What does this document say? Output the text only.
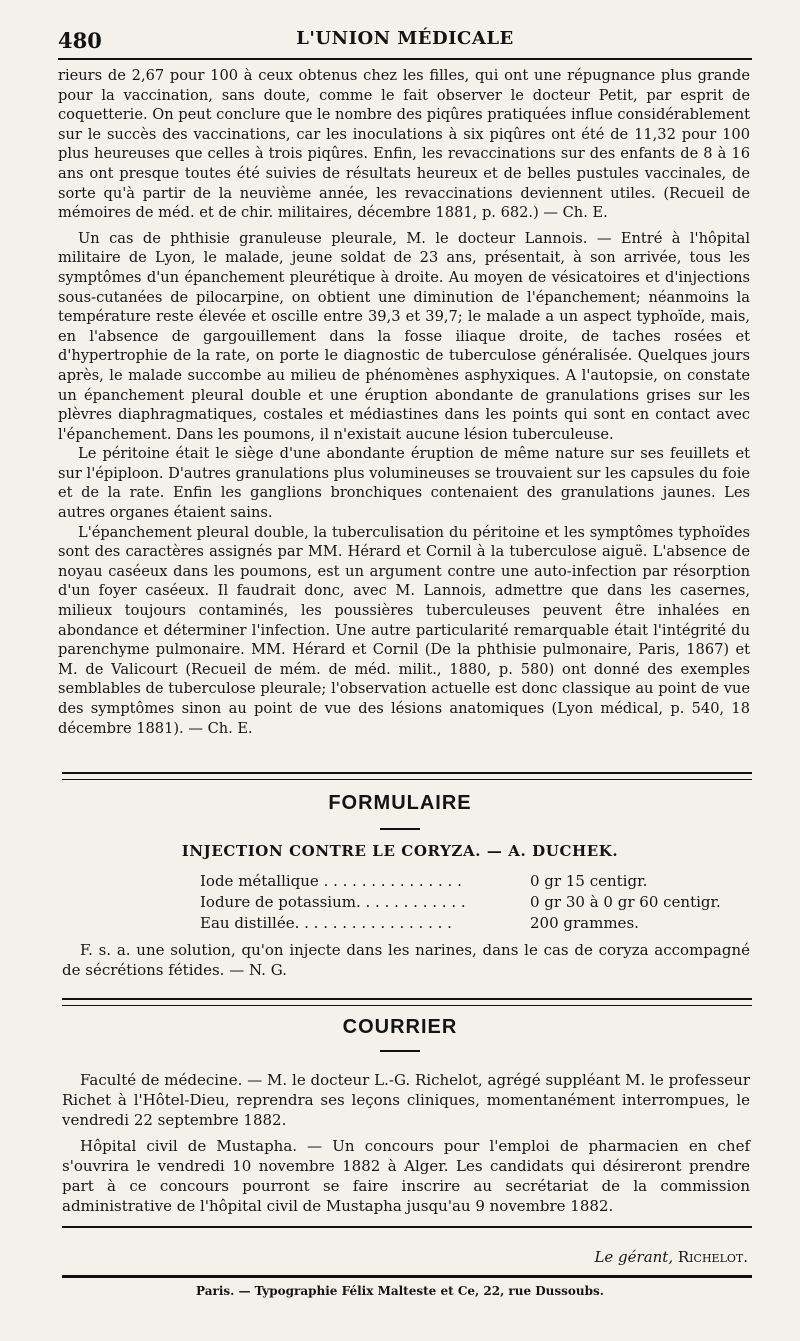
480	L'UNION MÉDICALE

rieurs de 2,67 pour 100 à ceux obtenus chez les filles, qui ont une répugnance plus grande pour la vaccination, sans doute, comme le fait observer le docteur Petit, par esprit de coquetterie. On peut conclure que le nombre des piqûres pratiquées influe considérablement sur le succès des vaccinations, car les inoculations à six piqûres ont été de 11,32 pour 100 plus heureuses que celles à trois piqûres. Enfin, les revaccinations sur des enfants de 8 à 16 ans ont presque toutes été suivies de résultats heureux et de belles pustules vaccinales, de sorte qu'à partir de la neuvième année, les revaccinations deviennent utiles. (Recueil de mémoires de méd. et de chir. militaires, décembre 1881, p. 682.) — Ch. E.

Un cas de phthisie granuleuse pleurale, M. le docteur Lannois. — Entré à l'hôpital militaire de Lyon, le malade, jeune soldat de 23 ans, présentait, à son arrivée, tous les symptômes d'un épanchement pleurétique à droite. Au moyen de vésicatoires et d'injections sous-cutanées de pilocarpine, on obtient une diminution de l'épanchement; néanmoins la température reste élevée et oscille entre 39,3 et 39,7; le malade a un aspect typhoïde, mais, en l'absence de gargouillement dans la fosse iliaque droite, de taches rosées et d'hypertrophie de la rate, on porte le diagnostic de tuberculose généralisée. Quelques jours après, le malade succombe au milieu de phénomènes asphyxiques. A l'autopsie, on constate un épanchement pleural double et une éruption abondante de granulations grises sur les plèvres diaphragmatiques, costales et médiastines dans les points qui sont en contact avec l'épanchement. Dans les poumons, il n'existait aucune lésion tuberculeuse.

Le péritoine était le siège d'une abondante éruption de même nature sur ses feuillets et sur l'épiploon. D'autres granulations plus volumineuses se trouvaient sur les capsules du foie et de la rate. Enfin les ganglions bronchiques contenaient des granulations jaunes. Les autres organes étaient sains.

L'épanchement pleural double, la tuberculisation du péritoine et les symptômes typhoïdes sont des caractères assignés par MM. Hérard et Cornil à la tuberculose aiguë. L'absence de noyau caséeux dans les poumons, est un argument contre une auto-infection par résorption d'un foyer caséeux. Il faudrait donc, avec M. Lannois, admettre que dans les casernes, milieux toujours contaminés, les poussières tuberculeuses peuvent être inhalées en abondance et déterminer l'infection. Une autre particularité remarquable était l'intégrité du parenchyme pulmonaire. MM. Hérard et Cornil (De la phthisie pulmonaire, Paris, 1867) et M. de Valicourt (Recueil de mém. de méd. milit., 1880, p. 580) ont donné des exemples semblables de tuberculose pleurale; l'observation actuelle est donc classique au point de vue des symptômes sinon au point de vue des lésions anatomiques (Lyon médical, p. 540, 18 décembre 1881). — Ch. E.

FORMULAIRE
INJECTION CONTRE LE CORYZA. — A. DUCHEK.
Iode métallique . . . . . . . . . . . . . . .	0 gr 15 centigr.
Iodure de potassium. . . . . . . . . . . .	0 gr 30 à 0 gr 60 centigr.
Eau distillée. . . . . . . . . . . . . . . . .	200 grammes.
F. s. a. une solution, qu'on injecte dans les narines, dans le cas de coryza accompagné de sécrétions fétides. — N. G.
COURRIER
Faculté de médecine. — M. le docteur L.-G. Richelot, agrégé suppléant M. le professeur Richet à l'Hôtel-Dieu, reprendra ses leçons cliniques, momentanément interrompues, le vendredi 22 septembre 1882.
Hôpital civil de Mustapha. — Un concours pour l'emploi de pharmacien en chef s'ouvrira le vendredi 10 novembre 1882 à Alger. Les candidats qui désireront prendre part à ce concours pourront se faire inscrire au secrétariat de la commission administrative de l'hôpital civil de Mustapha jusqu'au 9 novembre 1882.
Le gérant, Richelot.
Paris. — Typographie Félix Malteste et Ce, 22, rue Dussoubs.
